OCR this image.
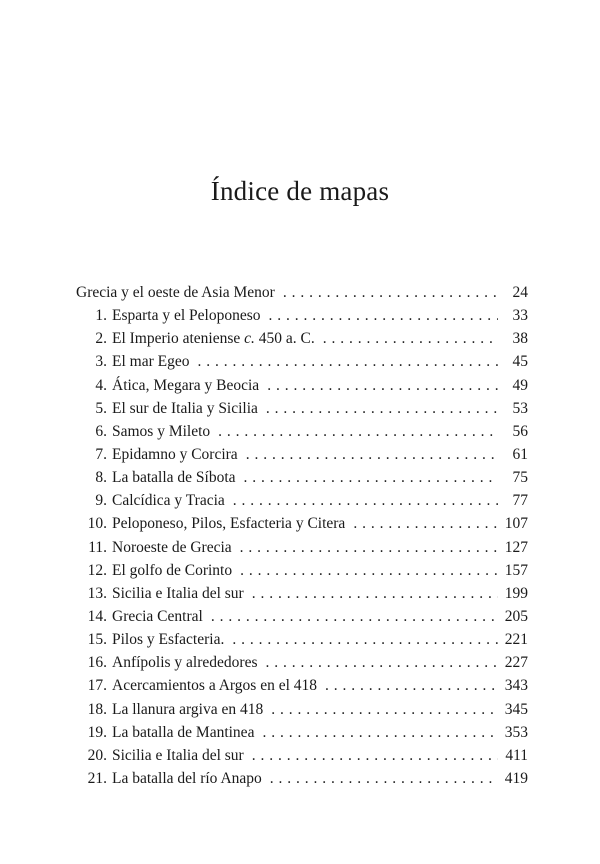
Índice de mapas
Grecia y el oeste de Asia Menor . . .	24
1. Esparta y el Peloponeso . . .	33
2. El Imperio ateniense c. 450 a. C. . . .	38
3. El mar Egeo . . .	45
4. Ática, Megara y Beocia . . .	49
5. El sur de Italia y Sicilia . . .	53
6. Samos y Mileto . . .	56
7. Epidamno y Corcira . . .	61
8. La batalla de Síbota . . .	75
9. Calcídica y Tracia . . .	77
10. Peloponeso, Pilos, Esfacteria y Citera . . .	107
11. Noroeste de Grecia . . .	127
12. El golfo de Corinto . . .	157
13. Sicilia e Italia del sur . . .	199
14. Grecia Central . . .	205
15. Pilos y Esfacteria. . . .	221
16. Anfípolis y alrededores . . .	227
17. Acercamientos a Argos en el 418 . . .	343
18. La llanura argiva en 418 . . .	345
19. La batalla de Mantinea . . .	353
20. Sicilia e Italia del sur . . .	411
21. La batalla del río Anapo . . .	419
